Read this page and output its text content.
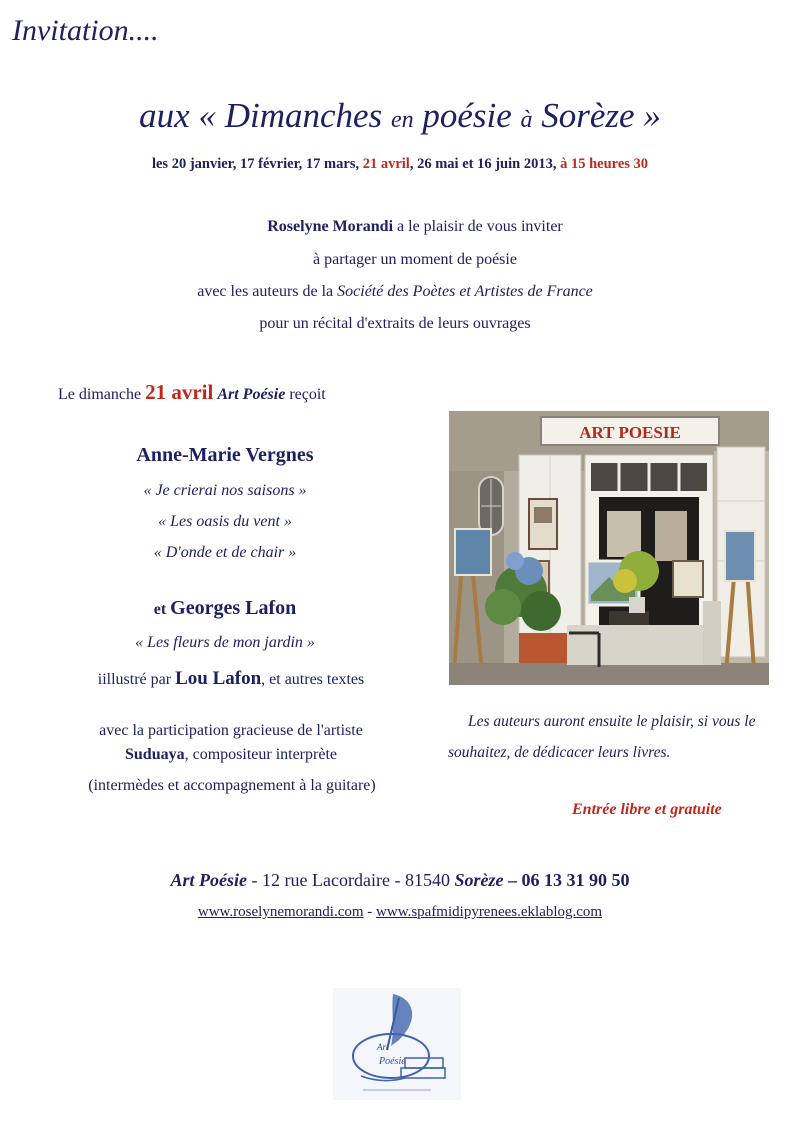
Invitation....
aux « Dimanches en poésie à Sorèze »
les 20 janvier, 17 février, 17 mars, 21 avril, 26 mai et 16 juin 2013, à 15 heures 30
Roselyne Morandi a le plaisir de vous inviter
à partager un moment de poésie
avec les auteurs de la Société des Poètes et Artistes de France
pour un récital d'extraits de leurs ouvrages
Le dimanche 21 avril Art Poésie reçoit
Anne-Marie Vergnes
« Je crierai nos saisons »
« Les oasis du vent »
« D'onde et de chair »
et Georges Lafon
« Les fleurs de mon jardin »
iillustré par Lou Lafon, et autres textes
avec la participation gracieuse de l'artiste
Suduaya, compositeur interprète
(intermèdes et accompagnement à la guitare)
ART POESIE
Les auteurs auront ensuite le plaisir, si vous le souhaitez, de dédicacer leurs livres.
Entrée libre et gratuite
Art Poésie - 12 rue Lacordaire - 81540 Sorèze – 06 13 31 90 50
www.roselynemorandi.com - www.spafmidipyrenees.eklablog.com
Art
Poésie
